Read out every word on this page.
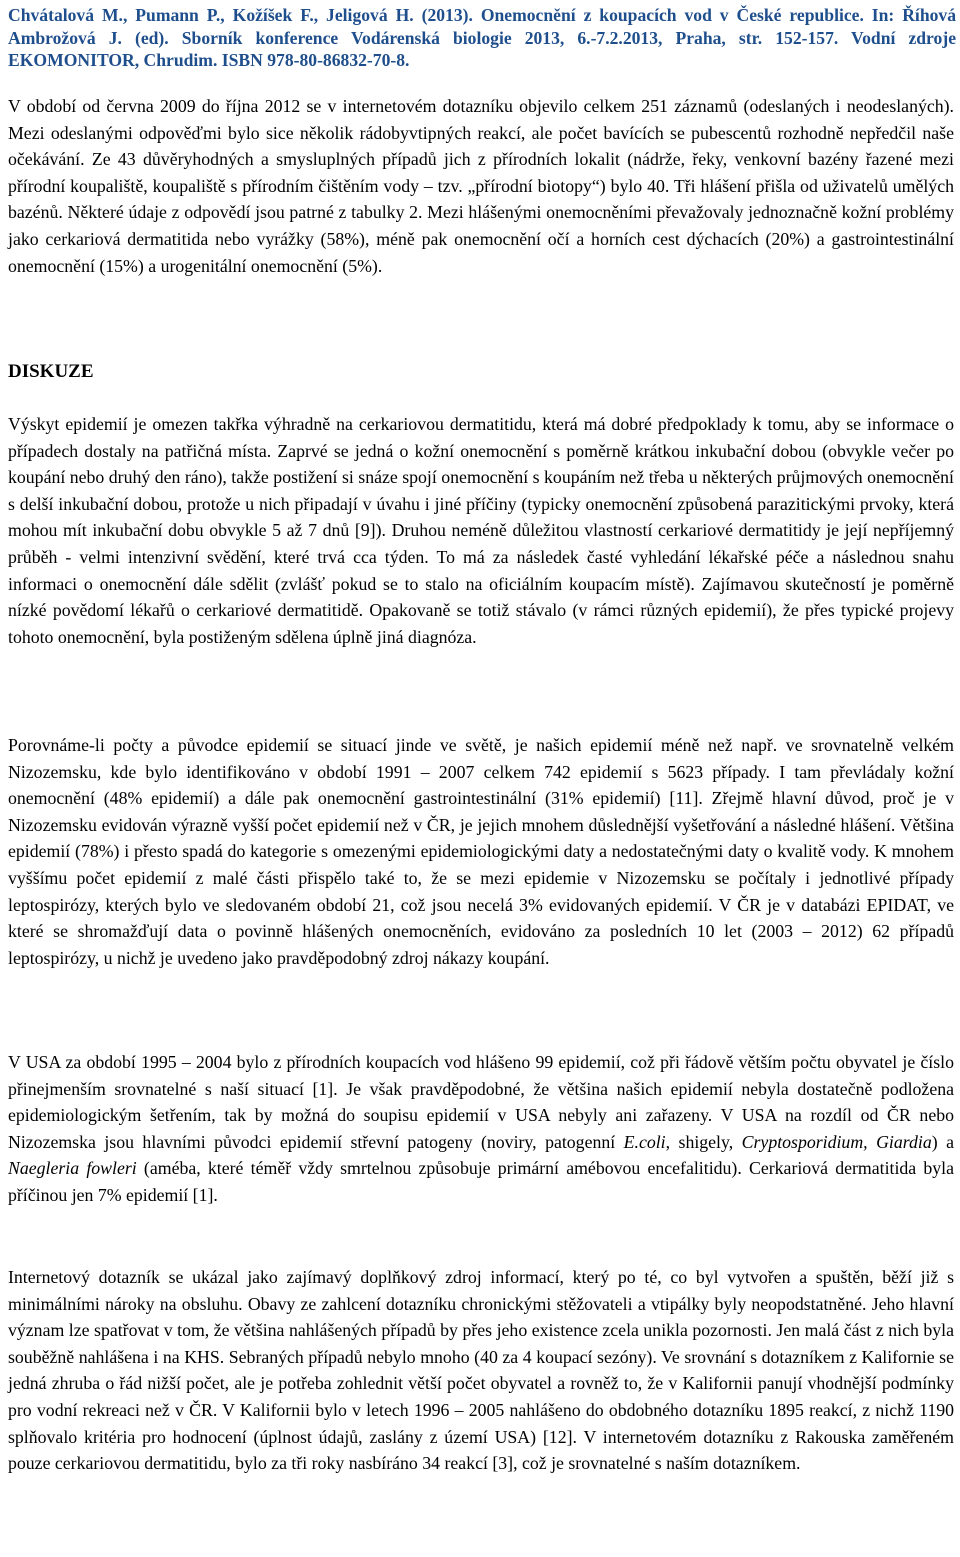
Chvátalová M., Pumann P., Kožíšek F., Jeligová H. (2013). Onemocnění z koupacích vod v České republice. In: Říhová Ambrožová J. (ed). Sborník konference Vodárenská biologie 2013, 6.-7.2.2013, Praha, str. 152-157. Vodní zdroje EKOMONITOR, Chrudim. ISBN 978-80-86832-70-8.

V období od června 2009 do října 2012 se v internetovém dotazníku objevilo celkem 251 záznamů (odeslaných i neodeslaných). Mezi odeslanými odpověďmi bylo sice několik rádobyvtipných reakcí, ale počet bavících se pubescentů rozhodně nepředčil naše očekávání. Ze 43 důvěryhodných a smysluplných případů jich z přírodních lokalit (nádrže, řeky, venkovní bazény řazené mezi přírodní koupaliště, koupaliště s přírodním čištěním vody – tzv. „přírodní biotopy“) bylo 40. Tři hlášení přišla od uživatelů umělých bazénů. Některé údaje z odpovědí jsou patrné z tabulky 2. Mezi hlášenými onemocněními převažovaly jednoznačně kožní problémy jako cerkariová dermatitida nebo vyrážky (58%), méně pak onemocnění očí a horních cest dýchacích (20%) a gastrointestinální onemocnění (15%) a urogenitální onemocnění (5%).

DISKUZE

Výskyt epidemií je omezen takřka výhradně na cerkariovou dermatitidu, která má dobré předpoklady k tomu, aby se informace o případech dostaly na patřičná místa. Zaprvé se jedná o kožní onemocnění s poměrně krátkou inkubační dobou (obvykle večer po koupání nebo druhý den ráno), takže postižení si snáze spojí onemocnění s koupáním než třeba u některých průjmových onemocnění s delší inkubační dobou, protože u nich připadají v úvahu i jiné příčiny (typicky onemocnění způsobená parazitickými prvoky, která mohou mít inkubační dobu obvykle 5 až 7 dnů [9]). Druhou neméně důležitou vlastností cerkariové dermatitidy je její nepříjemný průběh - velmi intenzivní svědění, které trvá cca týden. To má za následek časté vyhledání lékařské péče a následnou snahu informaci o onemocnění dále sdělit (zvlášť pokud se to stalo na oficiálním koupacím místě). Zajímavou skutečností je poměrně nízké povědomí lékařů o cerkariové dermatitidě. Opakovaně se totiž stávalo (v rámci různých epidemií), že přes typické projevy tohoto onemocnění, byla postiženým sdělena úplně jiná diagnóza.

Porovnáme-li počty a původce epidemií se situací jinde ve světě, je našich epidemií méně než např. ve srovnatelně velkém Nizozemsku, kde bylo identifikováno v období 1991 – 2007 celkem 742 epidemií s 5623 případy. I tam převládaly kožní onemocnění (48% epidemií) a dále pak onemocnění gastrointestinální (31% epidemií) [11]. Zřejmě hlavní důvod, proč je v Nizozemsku evidován výrazně vyšší počet epidemií než v ČR, je jejich mnohem důslednější vyšetřování a následné hlášení. Většina epidemií (78%) i přesto spadá do kategorie s omezenými epidemiologickými daty a nedostatečnými daty o kvalitě vody. K mnohem vyššímu počet epidemií z malé části přispělo také to, že se mezi epidemie v Nizozemsku se počítaly i jednotlivé případy leptospirózy, kterých bylo ve sledovaném období 21, což jsou necelá 3% evidovaných epidemií. V ČR je v databázi EPIDAT, ve které se shromažďují data o povinně hlášených onemocněních, evidováno za posledních 10 let (2003 – 2012) 62 případů leptospirózy, u nichž je uvedeno jako pravděpodobný zdroj nákazy koupání.

V USA za období 1995 – 2004 bylo z přírodních koupacích vod hlášeno 99 epidemií, což při řádově větším počtu obyvatel je číslo přinejmenším srovnatelné s naší situací [1]. Je však pravděpodobné, že většina našich epidemií nebyla dostatečně podložena epidemiologickým šetřením, tak by možná do soupisu epidemií v USA nebyly ani zařazeny. V USA na rozdíl od ČR nebo Nizozemska jsou hlavními původci epidemií střevní patogeny (noviry, patogenní E.coli, shigely, Cryptosporidium, Giardia) a Naegleria fowleri (améba, které téměř vždy smrtelnou způsobuje primární amébovou encefalitidu). Cerkariová dermatitida byla příčinou jen 7% epidemií [1].

Internetový dotazník se ukázal jako zajímavý doplňkový zdroj informací, který po té, co byl vytvořen a spuštěn, běží již s minimálními nároky na obsluhu. Obavy ze zahlcení dotazníku chronickými stěžovateli a vtipálky byly neopodstatněné. Jeho hlavní význam lze spatřovat v tom, že většina nahlášených případů by přes jeho existence zcela unikla pozornosti. Jen malá část z nich byla souběžně nahlášena i na KHS. Sebraných případů nebylo mnoho (40 za 4 koupací sezóny). Ve srovnání s dotazníkem z Kalifornie se jedná zhruba o řád nižší počet, ale je potřeba zohlednit větší počet obyvatel a rovněž to, že v Kalifornii panují vhodnější podmínky pro vodní rekreaci než v ČR. V Kalifornii bylo v letech 1996 – 2005 nahlášeno do obdobného dotazníku 1895 reakcí, z nichž 1190 splňovalo kritéria pro hodnocení (úplnost údajů, zaslány z území USA) [12]. V internetovém dotazníku z Rakouska zaměřeném pouze cerkariovou dermatitidu, bylo za tři roky nasbíráno 34 reakcí [3], což je srovnatelné s naším dotazníkem.
